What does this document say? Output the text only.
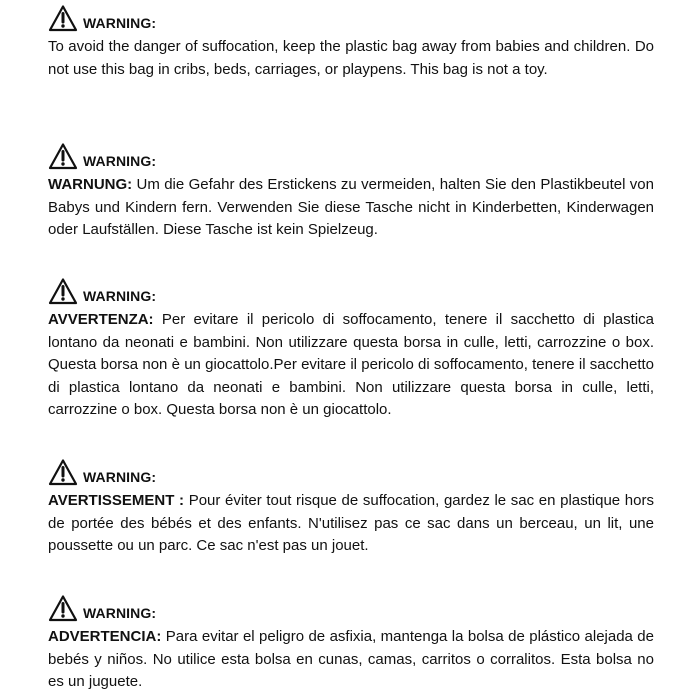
WARNING:
To avoid the danger of suffocation, keep the plastic bag away from babies and children. Do not use this bag in cribs, beds, carriages, or playpens. This bag is not a toy.
WARNING:
WARNUNG: Um die Gefahr des Erstickens zu vermeiden, halten Sie den Plastikbeutel von Babys und Kindern fern. Verwenden Sie diese Tasche nicht in Kinderbetten, Kinderwagen oder Laufställen. Diese Tasche ist kein Spielzeug.
WARNING:
AVVERTENZA: Per evitare il pericolo di soffocamento, tenere il sacchetto di plastica lontano da neonati e bambini. Non utilizzare questa borsa in culle, letti, carrozzine o box. Questa borsa non è un giocattolo.Per evitare il pericolo di soffocamento, tenere il sacchetto di plastica lontano da neonati e bambini. Non utilizzare questa borsa in culle, letti, carrozzine o box. Questa borsa non è un giocattolo.
WARNING:
AVERTISSEMENT : Pour éviter tout risque de suffocation, gardez le sac en plastique hors de portée des bébés et des enfants. N'utilisez pas ce sac dans un berceau, un lit, une poussette ou un parc. Ce sac n'est pas un jouet.
WARNING:
ADVERTENCIA: Para evitar el peligro de asfixia, mantenga la bolsa de plástico alejada de bebés y niños. No utilice esta bolsa en cunas, camas, carritos o corralitos. Esta bolsa no es un juguete.
